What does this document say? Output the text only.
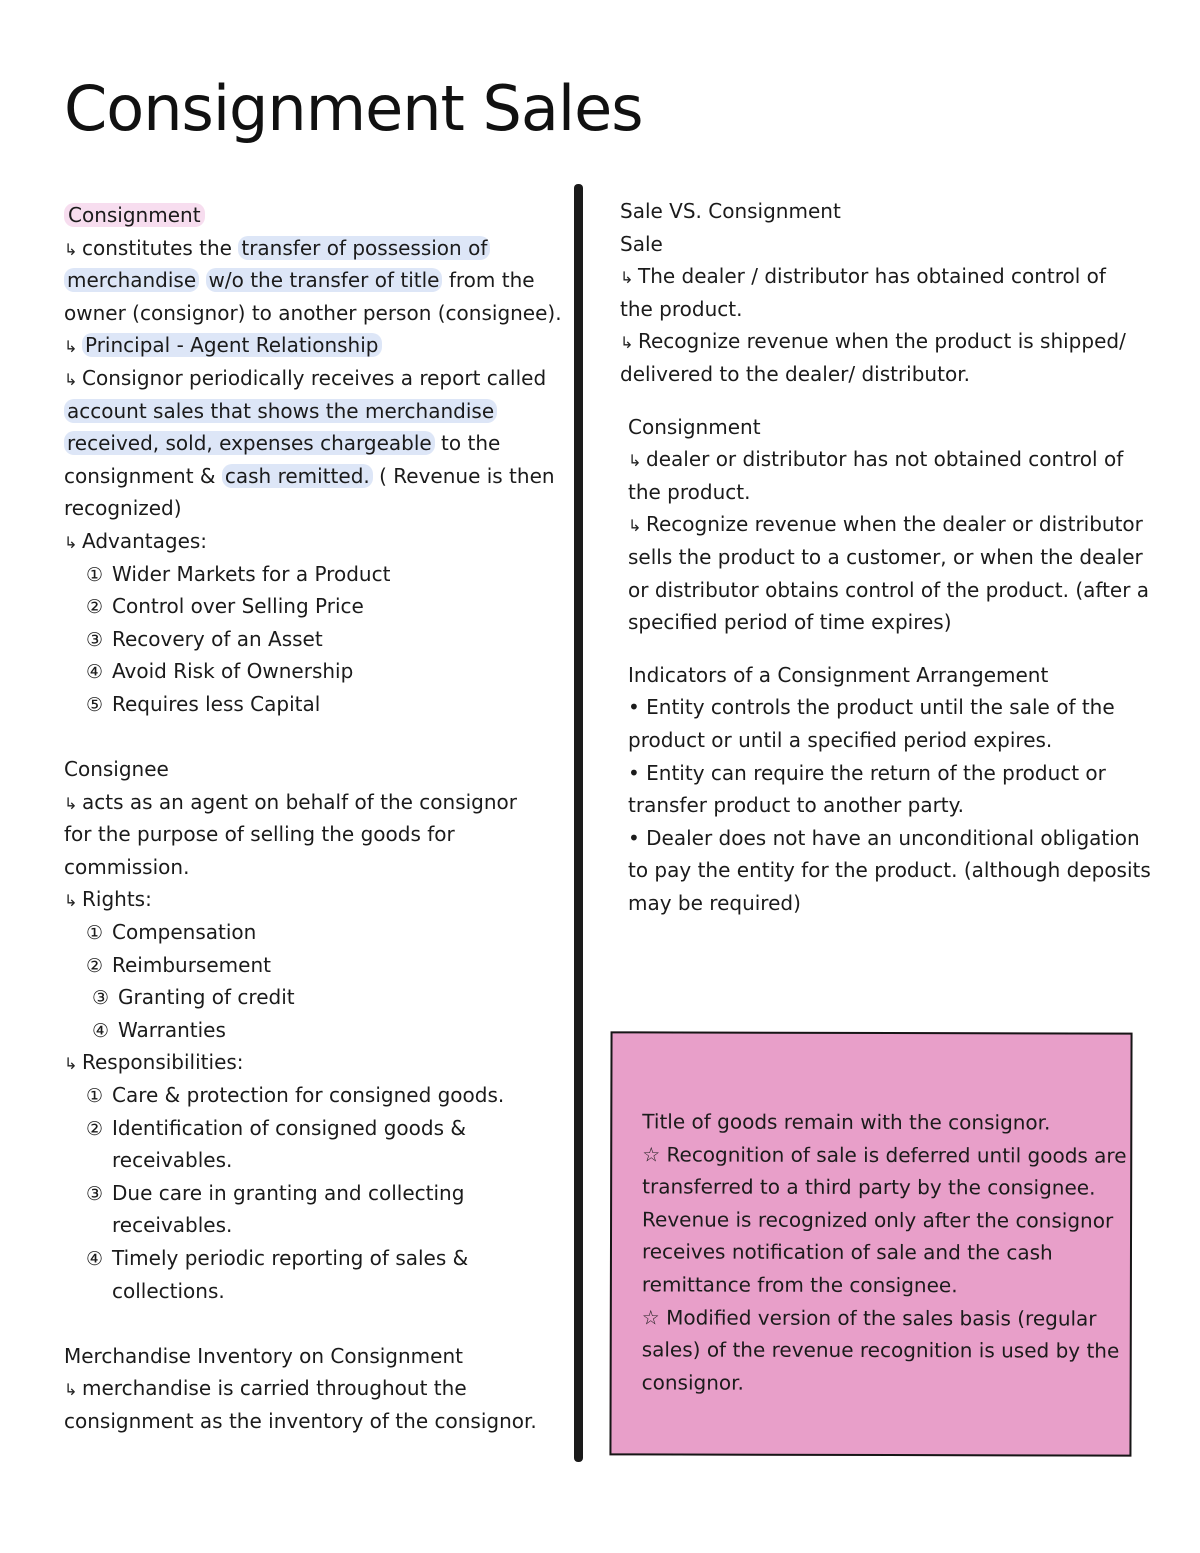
Consignment Sales
Consignment
↳ constitutes the transfer of possession of
merchandise w/o the transfer of title from the
owner (consignor) to another person (consignee).
↳ Principal - Agent Relationship
↳ Consignor periodically receives a report called
account sales that shows the merchandise
received, sold, expenses chargeable to the
consignment & cash remitted. ( Revenue is then
recognized)
↳ Advantages:
① Wider Markets for a Product
② Control over Selling Price
③ Recovery of an Asset
④ Avoid Risk of Ownership
⑤ Requires less Capital
Consignee
↳ acts as an agent on behalf of the consignor
for the purpose of selling the goods for
commission.
↳ Rights:
① Compensation
② Reimbursement
③ Granting of credit
④ Warranties
↳ Responsibilities:
① Care & protection for consigned goods.
② Identification of consigned goods &
receivables.
③ Due care in granting and collecting
receivables.
④ Timely periodic reporting of sales &
collections.
Merchandise Inventory on Consignment
↳ merchandise is carried throughout the
consignment as the inventory of the consignor.
Sale VS. Consignment
Sale
↳ The dealer / distributor has obtained control of
the product.
↳ Recognize revenue when the product is shipped/
delivered to the dealer/ distributor.
Consignment
↳ dealer or distributor has not obtained control of
the product.
↳ Recognize revenue when the dealer or distributor
sells the product to a customer, or when the dealer
or distributor obtains control of the product. (after a
specified period of time expires)
Indicators of a Consignment Arrangement
• Entity controls the product until the sale of the
product or until a specified period expires.
• Entity can require the return of the product or
transfer product to another party.
• Dealer does not have an unconditional obligation
to pay the entity for the product. (although deposits
may be required)
Title of goods remain with the consignor.
☆ Recognition of sale is deferred until goods are
transferred to a third party by the consignee.
Revenue is recognized only after the consignor
receives notification of sale and the cash
remittance from the consignee.
☆ Modified version of the sales basis (regular
sales) of the revenue recognition is used by the
consignor.
